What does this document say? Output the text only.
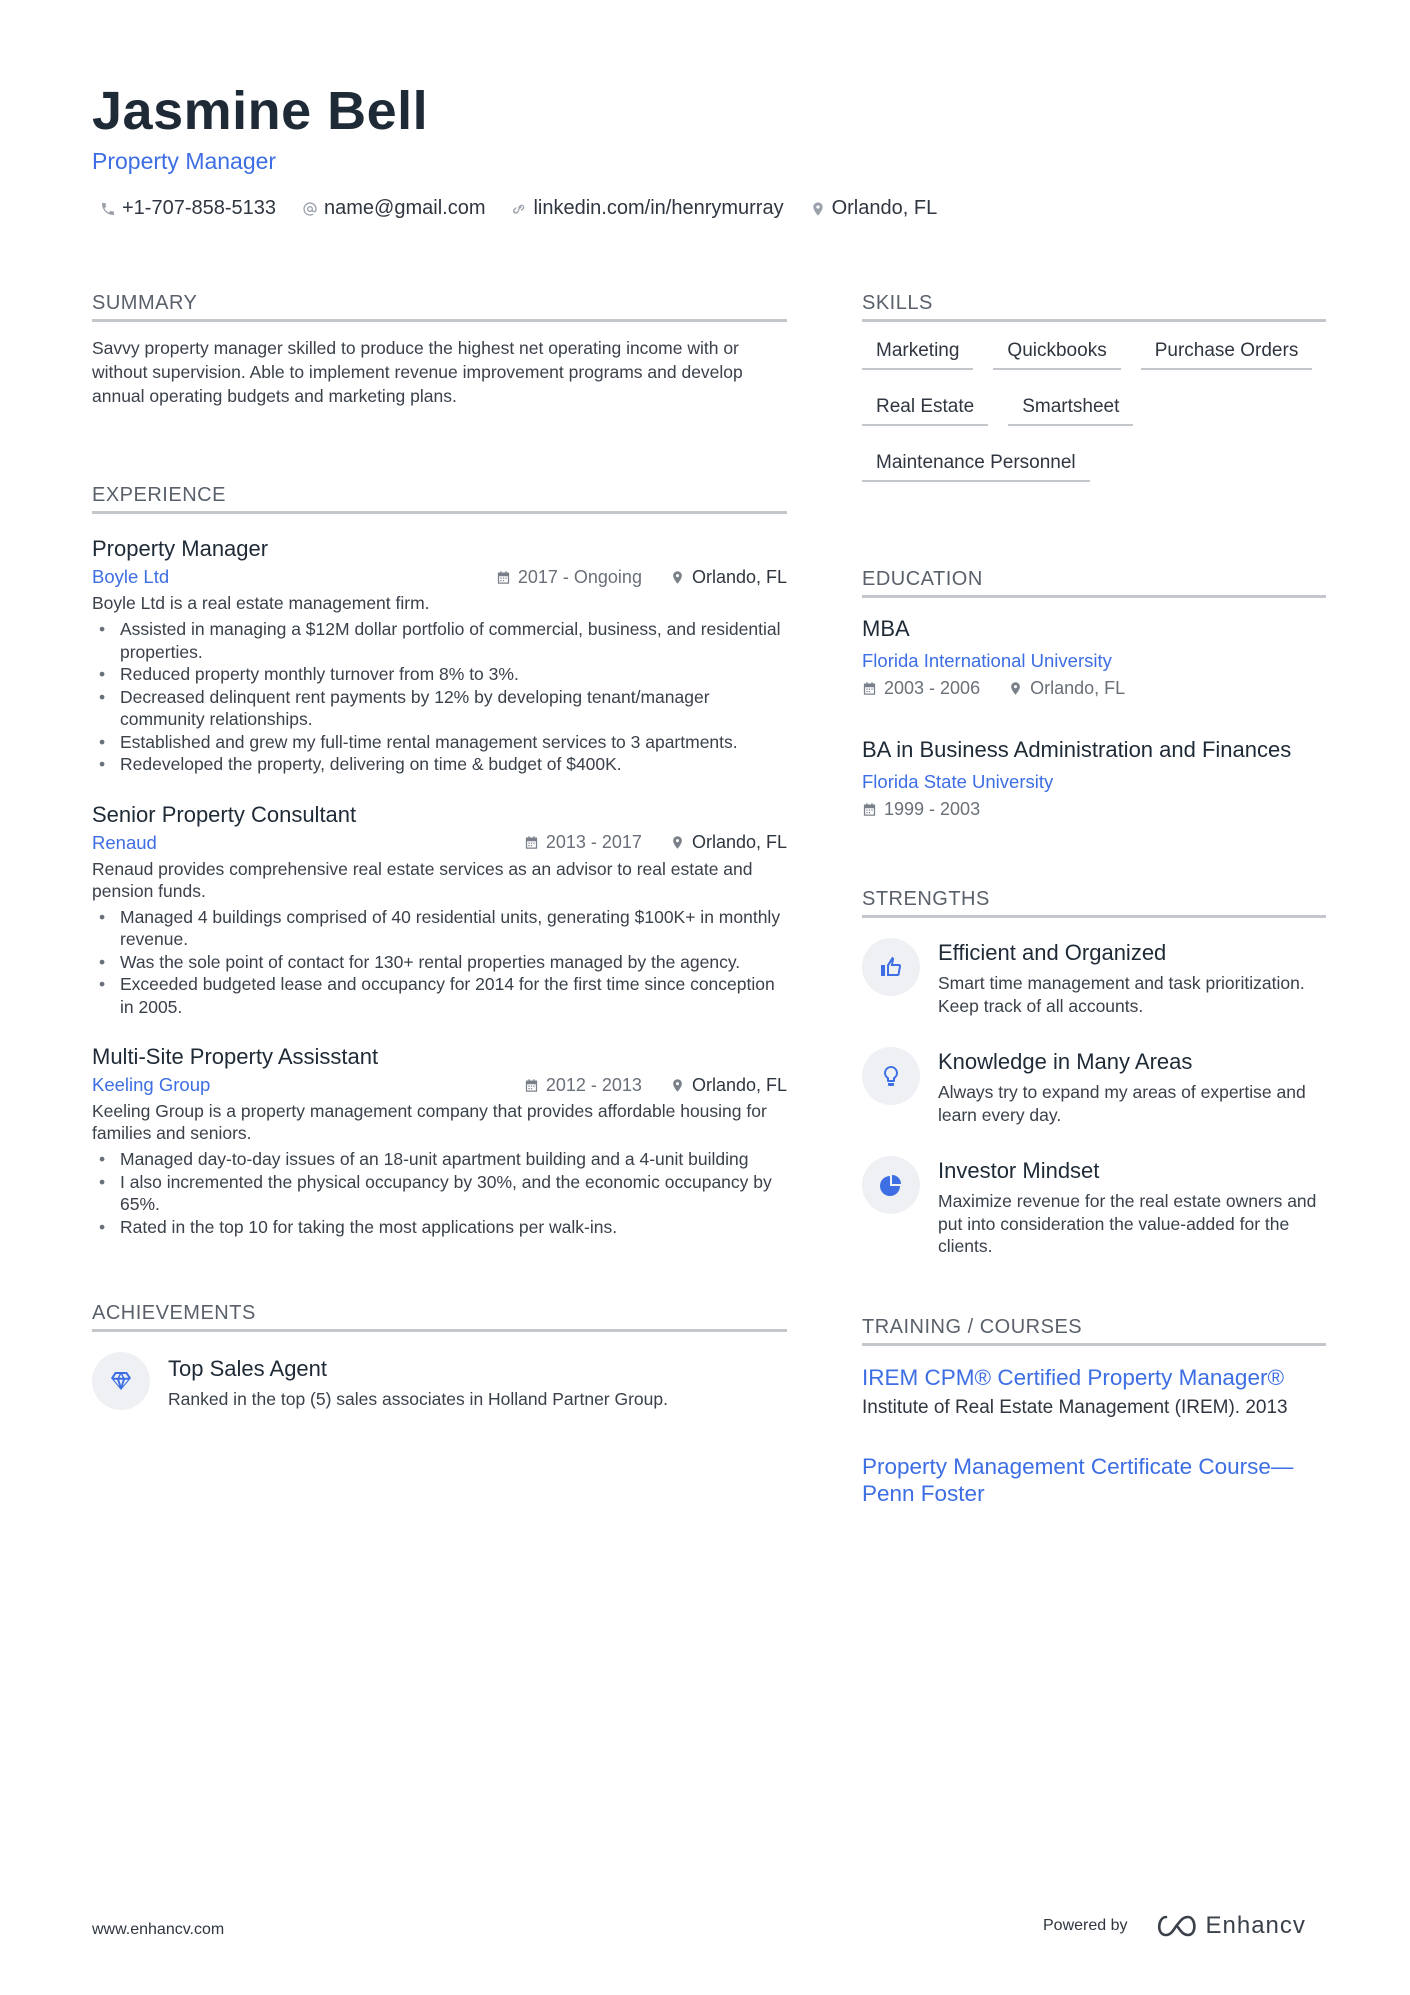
Jasmine Bell
Property Manager
+1-707-858-5133 name@gmail.com linkedin.com/in/henrymurray Orlando, FL
SUMMARY
Savvy property manager skilled to produce the highest net operating income with or without supervision. Able to implement revenue improvement programs and develop annual operating budgets and marketing plans.
EXPERIENCE
Property Manager
Boyle Ltd	2017 - Ongoing	Orlando, FL
Boyle Ltd is a real estate management firm.
• Assisted in managing a $12M dollar portfolio of commercial, business, and residential properties.
• Reduced property monthly turnover from 8% to 3%.
• Decreased delinquent rent payments by 12% by developing tenant/manager community relationships.
• Established and grew my full-time rental management services to 3 apartments.
• Redeveloped the property, delivering on time & budget of $400K.
Senior Property Consultant
Renaud	2013 - 2017	Orlando, FL
Renaud provides comprehensive real estate services as an advisor to real estate and pension funds.
• Managed 4 buildings comprised of 40 residential units, generating $100K+ in monthly revenue.
• Was the sole point of contact for 130+ rental properties managed by the agency.
• Exceeded budgeted lease and occupancy for 2014 for the first time since conception in 2005.
Multi-Site Property Assisstant
Keeling Group	2012 - 2013	Orlando, FL
Keeling Group is a property management company that provides affordable housing for families and seniors.
• Managed day-to-day issues of an 18-unit apartment building and a 4-unit building
• I also incremented the physical occupancy by 30%, and the economic occupancy by 65%.
• Rated in the top 10 for taking the most applications per walk-ins.
ACHIEVEMENTS
Top Sales Agent
Ranked in the top (5) sales associates in Holland Partner Group.
SKILLS
Marketing	Quickbooks	Purchase Orders
Real Estate	Smartsheet
Maintenance Personnel
EDUCATION
MBA
Florida International University
2003 - 2006	Orlando, FL
BA in Business Administration and Finances
Florida State University
1999 - 2003
STRENGTHS
Efficient and Organized
Smart time management and task prioritization. Keep track of all accounts.
Knowledge in Many Areas
Always try to expand my areas of expertise and learn every day.
Investor Mindset
Maximize revenue for the real estate owners and put into consideration the value-added for the clients.
TRAINING / COURSES
IREM CPM® Certified Property Manager®
Institute of Real Estate Management (IREM). 2013
Property Management Certificate Course—Penn Foster
www.enhancv.com	Powered by	Enhancv
